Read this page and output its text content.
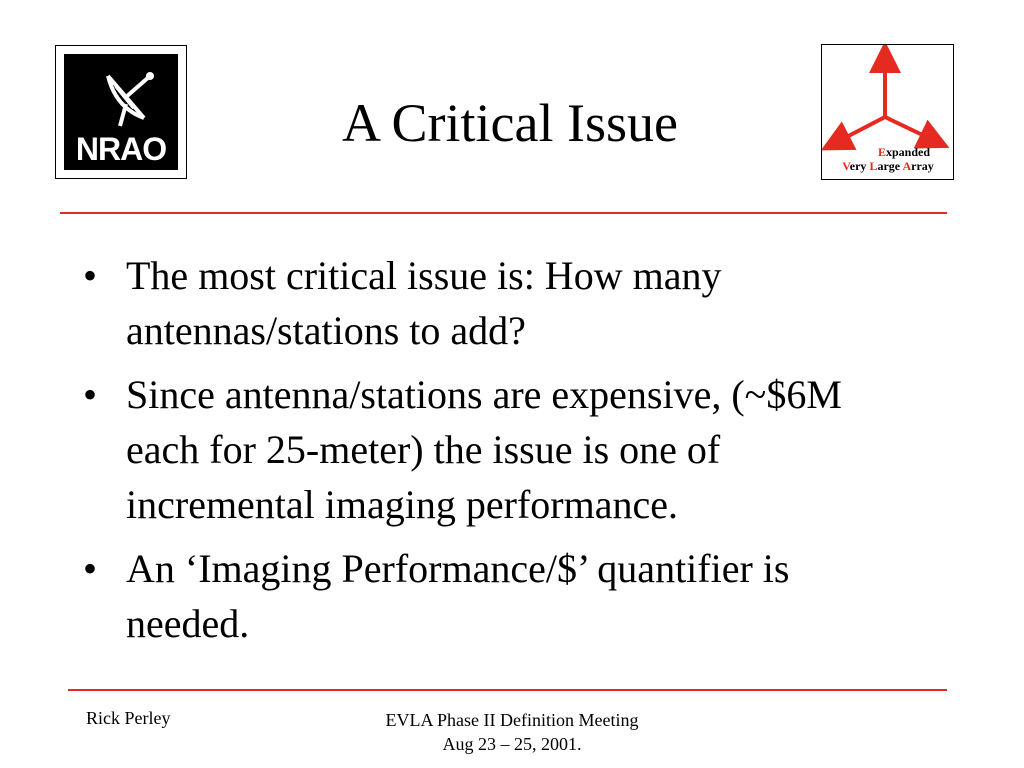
NRAO	A Critical Issue	Expanded
Very Large Array
• The most critical issue is: How many antennas/stations to add?
• Since antenna/stations are expensive, (~$6M each for 25-meter) the issue is one of incremental imaging performance.
• An ‘Imaging Performance/$’ quantifier is needed.
Rick Perley	EVLA Phase II Definition Meeting
Aug 23 – 25, 2001.
